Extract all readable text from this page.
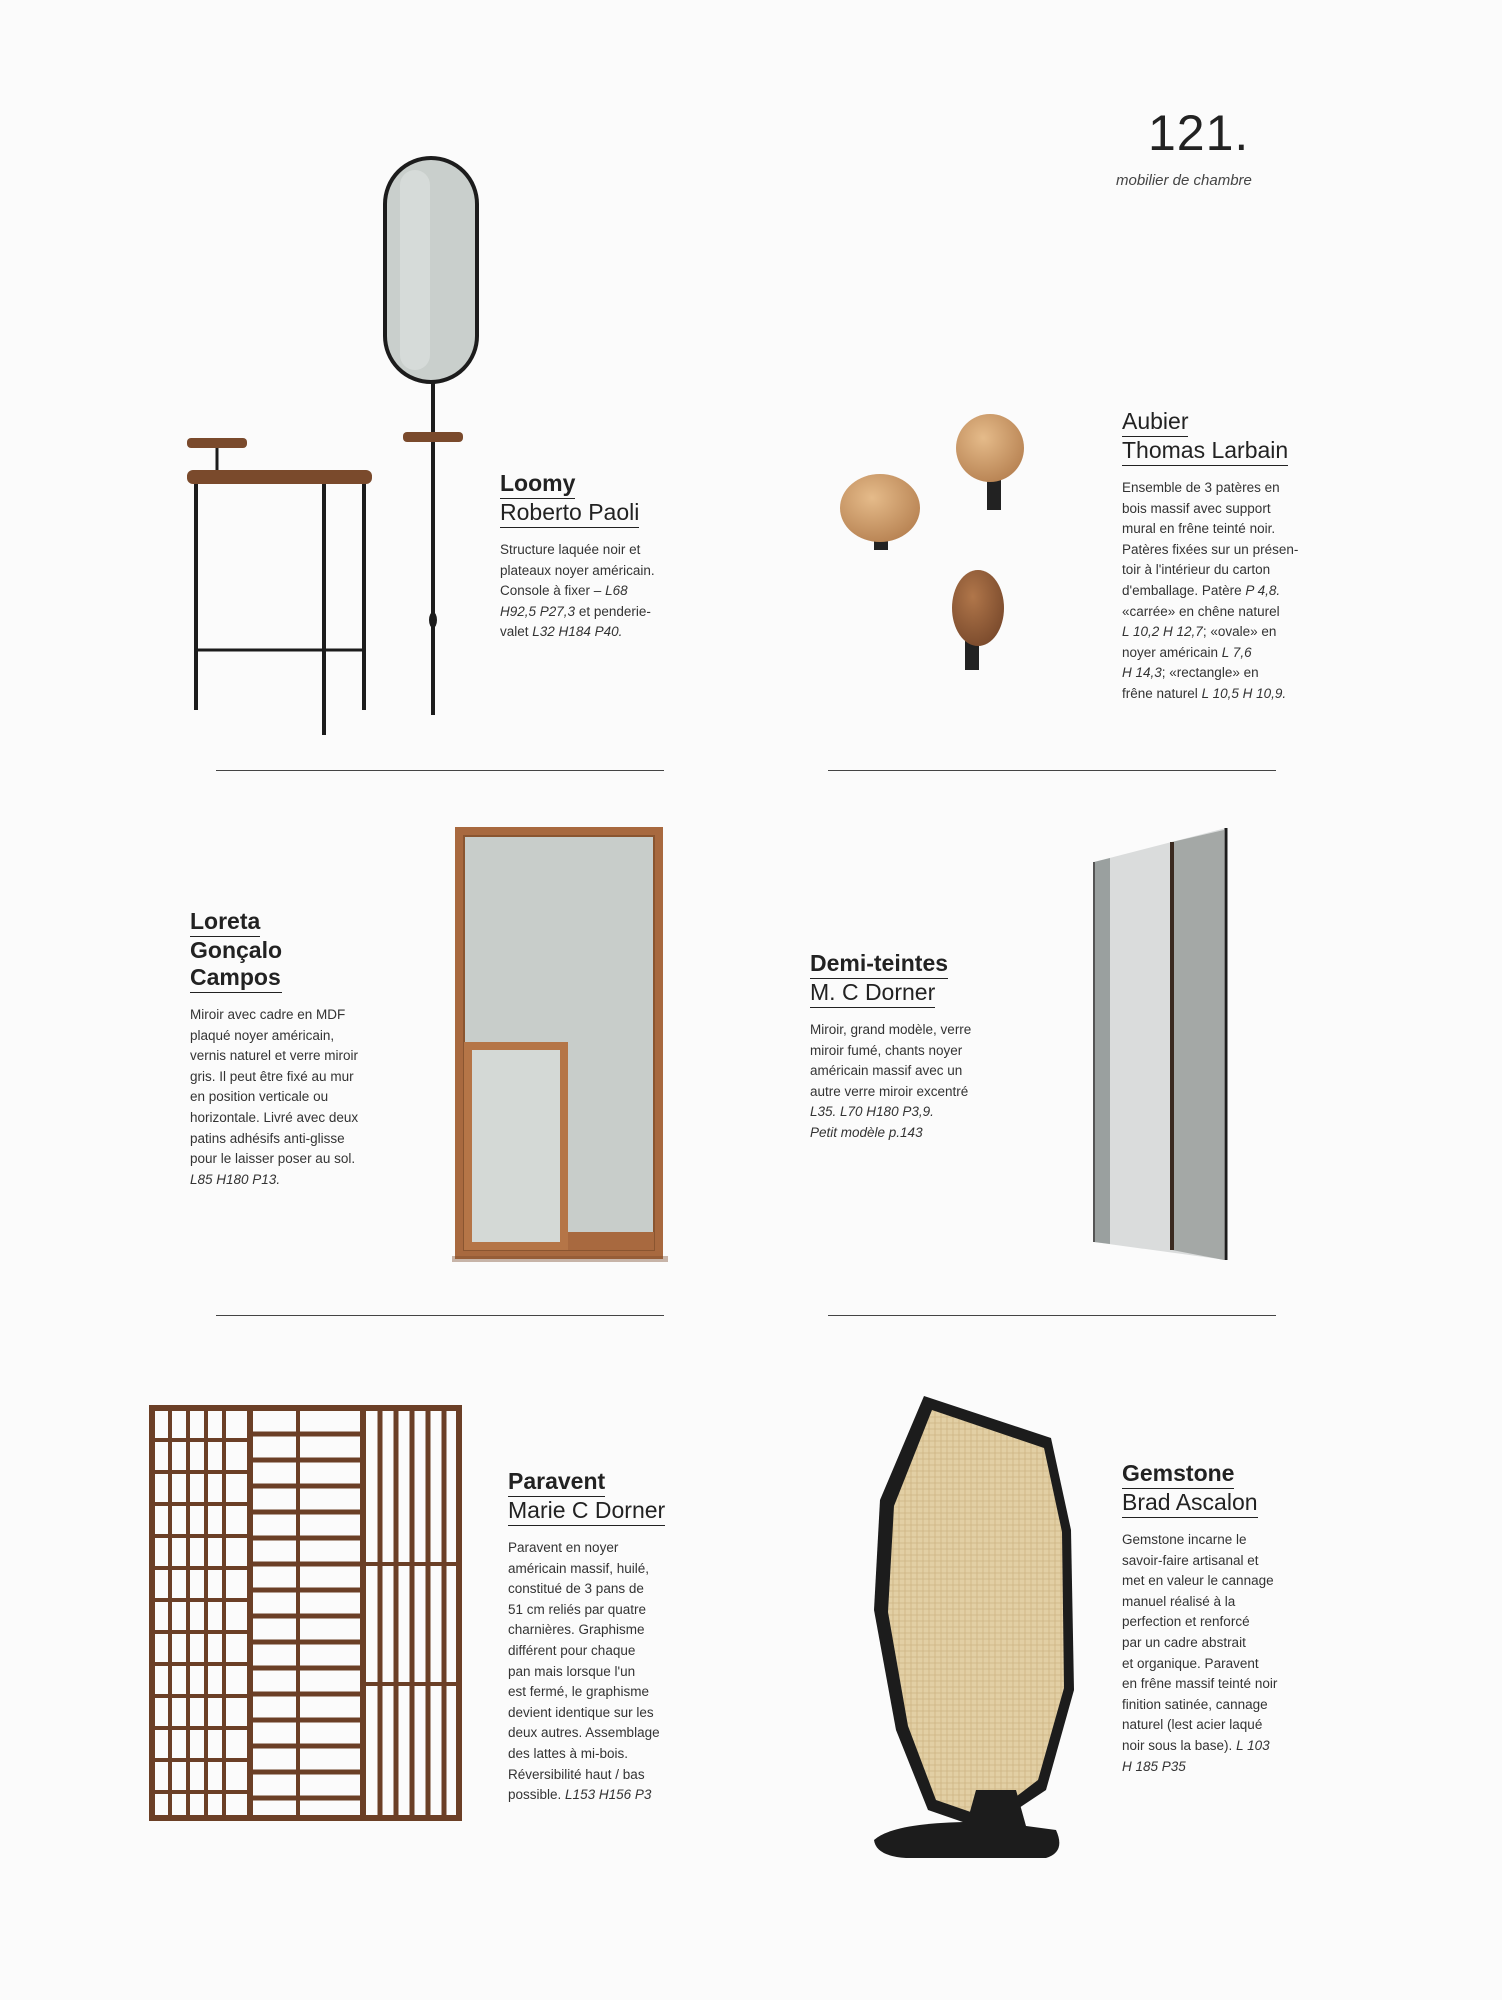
121.
mobilier de chambre
Loomy
Roberto Paoli

Structure laquée noir et
plateaux noyer américain.
Console à fixer – L68
H92,5 P27,3 et penderie-
valet L32 H184 P40.

Aubier
Thomas Larbain

Ensemble de 3 patères en
bois massif avec support
mural en frêne teinté noir.
Patères fixées sur un présen-
toir à l'intérieur du carton
d'emballage. Patère P 4,8.
«carrée» en chêne naturel
L 10,2 H 12,7; «ovale» en
noyer américain L 7,6
H 14,3; «rectangle» en
frêne naturel L 10,5 H 10,9.

Loreta
Gonçalo
Campos

Miroir avec cadre en MDF
plaqué noyer américain,
vernis naturel et verre miroir
gris. Il peut être fixé au mur
en position verticale ou
horizontale. Livré avec deux
patins adhésifs anti-glisse
pour le laisser poser au sol.
L85 H180 P13.

Demi-teintes
M. C Dorner

Miroir, grand modèle, verre
miroir fumé, chants noyer
américain massif avec un
autre verre miroir excentré
L35. L70 H180 P3,9.
Petit modèle p.143

Paravent
Marie C Dorner

Paravent en noyer
américain massif, huilé,
constitué de 3 pans de
51 cm reliés par quatre
charnières. Graphisme
différent pour chaque
pan mais lorsque l'un
est fermé, le graphisme
devient identique sur les
deux autres. Assemblage
des lattes à mi-bois.
Réversibilité haut / bas
possible. L153 H156 P3

Gemstone
Brad Ascalon

Gemstone incarne le
savoir-faire artisanal et
met en valeur le cannage
manuel réalisé à la
perfection et renforcé
par un cadre abstrait
et organique. Paravent
en frêne massif teinté noir
finition satinée, cannage
naturel (lest acier laqué
noir sous la base). L 103
H 185 P35
